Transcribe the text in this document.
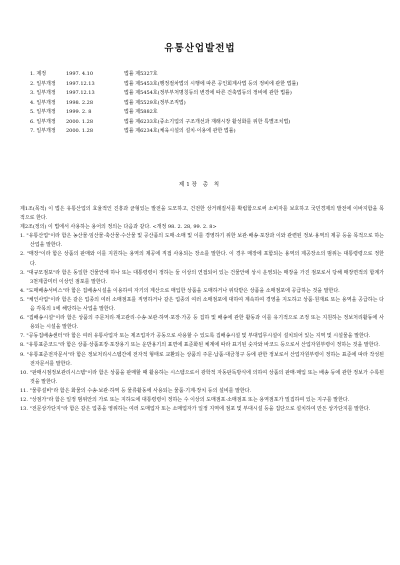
유통산업발전법
1. 제정	1997. 4.10	법률 제5327호
2. 일부개정	1997.12.13	법률 제5453호(행정절차법의 시행에 따른 공인회계사법 등의 정비에 관한 법률)
3. 일부개정	1997.12.13	법률 제5454호(정부부처명칭등의 변경에 따른 건축법등의 정비에 관한 법률)
4. 일부개정	1998. 2.28	법률 제5529호(정부조직법)
5. 일부개정	1999. 2. 8	법률 제5882호
6. 일부개정	2000. 1.28	법률 제6233호(중소기업의 구조개선과 재래시장 활성화를 위한 특별조치법)
7. 일부개정	2000. 1.28	법률 제6234호(체육시설의 설치·이용에 관한 법률)
제1장 총 칙
제1조(목적) 이 법은 유통산업의 효율적인 진흥과 균형있는 발전을 도모하고, 건전한 상거래질서를 확립함으로써 소비자를 보호하고 국민경제의 발전에 이바지함을 목적으로 한다.
제2조(정의) 이 법에서 사용하는 용어의 정의는 다음과 같다. <개정 98. 2. 28, 99. 2. 8>
1. "유통산업"이라 함은 농산물·임산물·축산물·수산물 및 공산품의 도매·소매 및 이를 경영하기 위한 보관·배송·포장과 이와 관련된 정보·용역의 제공 등을 목적으로 하는 산업을 말한다.
2. "매장"이라 함은 상품의 판매와 이를 지원하는 용역의 제공에 직접 사용되는 장소를 말한다. 이 경우 매장에 포함되는 용역의 제공장소의 범위는 대통령령으로 정한다.
3. "대규모점포"라 함은 동일한 건물안에 하나 또는 대통령령이 정하는 둘 이상의 연접되어 있는 건물안에 상시 운영되는 매장을 가진 점포로서 당해 매장면적의 합계가 3천제곱미터 이상인 점포를 말한다.
4. "도매배송서비스"라 함은 집배송시설을 이용하여 자기의 계산으로 매입한 상품을 도매하거나 위탁받은 상품을 소매점포에 공급하는 것을 말한다.
5. "체인사업"이라 함은 같은 업종의 여러 소매점포를 직영하거나 같은 업종의 여러 소매점포에 대하여 계속하여 경영을 지도하고 상품·원재료 또는 용역을 공급하는 다음 각목의 1에 해당하는 사업을 말한다.
6. "집배송시설"이라 함은 상품의 주문처리·재고관리·수송·보관·하역·포장·가공 등 집하 및 배송에 관한 활동과 이를 유기적으로 조정 또는 지원하는 정보처리활동에 사용되는 시설을 말한다.
7. "공동집배송센터"라 함은 여러 유통사업자 또는 제조업자가 공동으로 사용할 수 있도록 집배송시설 및 부대업무시설이 설치되어 있는 지역 및 시설물을 말한다.
8. "유통표준코드"라 함은 상품·상품포장·포장용기 또는 운반용기의 표면에 표준화된 체계에 따라 표기된 숫자와 바코드 등으로서 산업자원부령이 정하는 것을 말한다.
9. "유통표준전자문서"라 함은 정보처리시스템간에 전자적 형태로 교환되는 상품의 주문·납품·대금청구 등에 관한 정보로서 산업자원부령이 정하는 표준에 따라 작성된 전자문서를 말한다.
10. "판매시점정보관리시스템"이라 함은 상품을 판매할 때 활용하는 시스템으로서 광학적 자동판독방식에 의하여 상품의 판매·매입 또는 배송 등에 관한 정보가 수록된 것을 말한다.
11. "물류설비"라 함은 화물의 수송·보관·하역 등 물류활동에 사용되는 물품·기계·장치 등의 설비를 말한다.
12. "상점가"라 함은 일정 범위안의 가로 또는 지하도에 대통령령이 정하는 수 이상의 도매점포·소매점포 또는 용역점포가 밀집하여 있는 지구를 말한다.
13. "전문상가단지"라 함은 같은 업종을 영위하는 여러 도매업자 또는 소매업자가 일정 지역에 점포 및 부대시설 등을 집단으로 설치하여 만든 상가단지를 말한다.
